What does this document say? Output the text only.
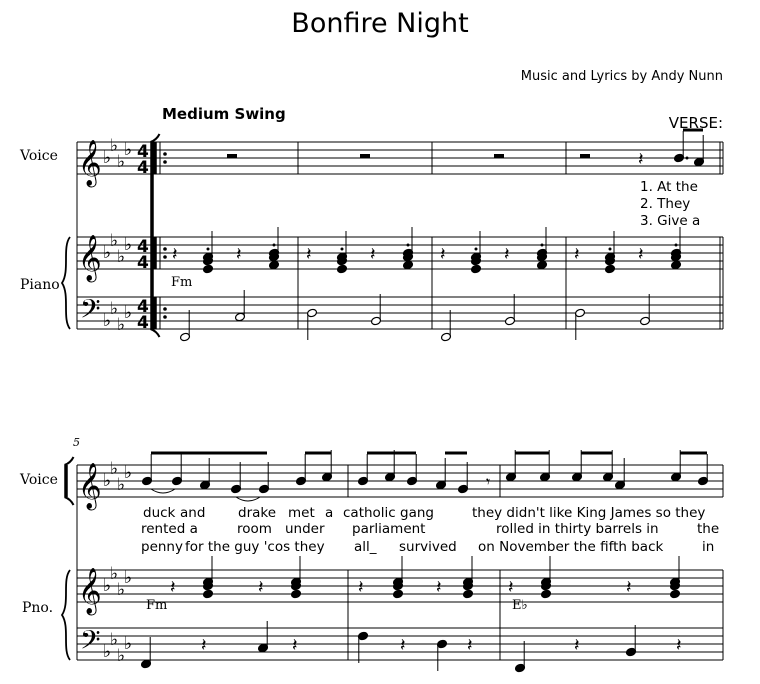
Bonfire Night
Music and Lyrics by Andy Nunn
Medium Swing	VERSE:
Voice
Piano
Voice
Pno.
1. At the
2. They
3. Give a
Fm
5
duck and drake met a catholic gang	they didn't like King James so they
rented a	room under parliament	rolled in thirty barrels in	the
penny for the guy 'cos they all_ survived on November the fifth back	in
Fm	E♭
𝄞
𝄞
𝄢
♭
♭
♭
♭
♭
♭
♭
♭
♭
♭
♭
♭
4
4
4
4
4
4
𝄽
𝄽	𝄽	𝄽	𝄽	𝄽	𝄽	𝄽	𝄽
𝄞
𝄞
𝄢
♭
♭
♭
♭
♭
♭
♭
♭
♭
♭
♭
♭
𝄾
𝄽	𝄽	𝄽	𝄽	𝄽	𝄽
𝄽	𝄽	𝄽	𝄽	𝄽	𝄽
